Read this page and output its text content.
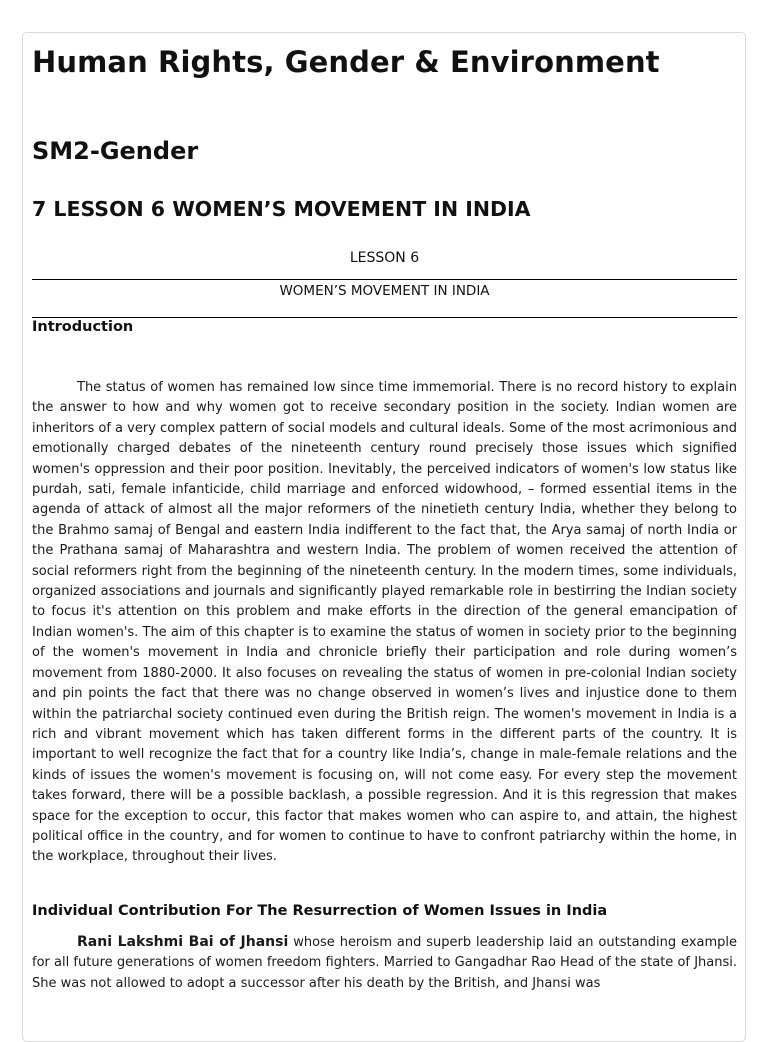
Human Rights, Gender & Environment
SM2-Gender
7 LESSON 6 WOMEN’S MOVEMENT IN INDIA
LESSON 6
WOMEN’S MOVEMENT IN INDIA
Introduction

The status of women has remained low since time immemorial. There is no record history to explain the answer to how and why women got to receive secondary position in the society. Indian women are inheritors of a very complex pattern of social models and cultural ideals. Some of the most acrimonious and emotionally charged debates of the nineteenth century round precisely those issues which signified women's oppression and their poor position. Inevitably, the perceived indicators of women's low status like purdah, sati, female infanticide, child marriage and enforced widowhood, – formed essential items in the agenda of attack of almost all the major reformers of the ninetieth century India, whether they belong to the Brahmo samaj of Bengal and eastern India indifferent to the fact that, the Arya samaj of north India or the Prathana samaj of Maharashtra and western India. The problem of women received the attention of social reformers right from the beginning of the nineteenth century. In the modern times, some individuals, organized associations and journals and significantly played remarkable role in bestirring the Indian society to focus it's attention on this problem and make efforts in the direction of the general emancipation of Indian women's. The aim of this chapter is to examine the status of women in society prior to the beginning of the women's movement in India and chronicle briefly their participation and role during women’s movement from 1880-2000. It also focuses on revealing the status of women in pre-colonial Indian society and pin points the fact that there was no change observed in women’s lives and injustice done to them within the patriarchal society continued even during the British reign. The women's movement in India is a rich and vibrant movement which has taken different forms in the different parts of the country. It is important to well recognize the fact that for a country like India’s, change in male-female relations and the kinds of issues the women's movement is focusing on, will not come easy. For every step the movement takes forward, there will be a possible backlash, a possible regression. And it is this regression that makes space for the exception to occur, this factor that makes women who can aspire to, and attain, the highest political office in the country, and for women to continue to have to confront patriarchy within the home, in the workplace, throughout their lives.

Individual Contribution For The Resurrection of Women Issues in India

Rani Lakshmi Bai of Jhansi whose heroism and superb leadership laid an outstanding example for all future generations of women freedom fighters. Married to Gangadhar Rao Head of the state of Jhansi. She was not allowed to adopt a successor after his death by the British, and Jhansi was
